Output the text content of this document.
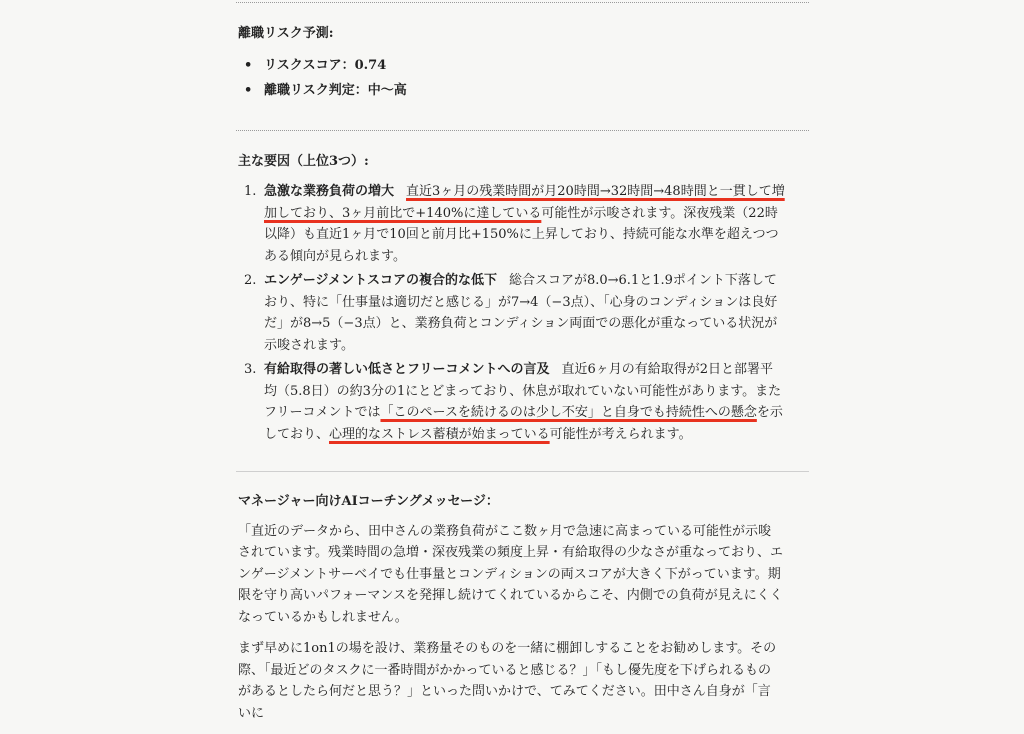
離職リスク予測:

• リスクスコア：0.74
• 離職リスク判定：中〜高

主な要因（上位3つ）:

1. 急激な業務負荷の増大 直近3ヶ月の残業時間が月20時間→32時間→48時間と一貫して増加しており、3ヶ月前比で+140%に達している可能性が示唆されます。深夜残業（22時以降）も直近1ヶ月で10回と前月比+150%に上昇しており、持続可能な水準を超えつつある傾向が見られます。
2. エンゲージメントスコアの複合的な低下 総合スコアが8.0→6.1と1.9ポイント下落しており、特に「仕事量は適切だと感じる」が7→4（−3点）、「心身のコンディションは良好だ」が8→5（−3点）と、業務負荷とコンディション両面での悪化が重なっている状況が示唆されます。
3. 有給取得の著しい低さとフリーコメントへの言及 直近6ヶ月の有給取得が2日と部署平均（5.8日）の約3分の1にとどまっており、休息が取れていない可能性があります。またフリーコメントでは「このペースを続けるのは少し不安」と自身でも持続性への懸念を示しており、心理的なストレス蓄積が始まっている可能性が考えられます。

マネージャー向けAIコーチングメッセージ：

「直近のデータから、田中さんの業務負荷がここ数ヶ月で急速に高まっている可能性が示唆されています。残業時間の急増・深夜残業の頻度上昇・有給取得の少なさが重なっており、エンゲージメントサーベイでも仕事量とコンディションの両スコアが大きく下がっています。期限を守り高いパフォーマンスを発揮し続けてくれているからこそ、内側での負荷が見えにくくなっているかもしれません。

まず早めに1on1の場を設け、業務量そのものを一緒に棚卸しすることをお勧めします。その際、「最近どのタスクに一番時間がかかっていると感じる？」「もし優先度を下げられるものがあるとしたら何だと思う？」といった問いかけで、てみてください。田中さん自身が「言いに
